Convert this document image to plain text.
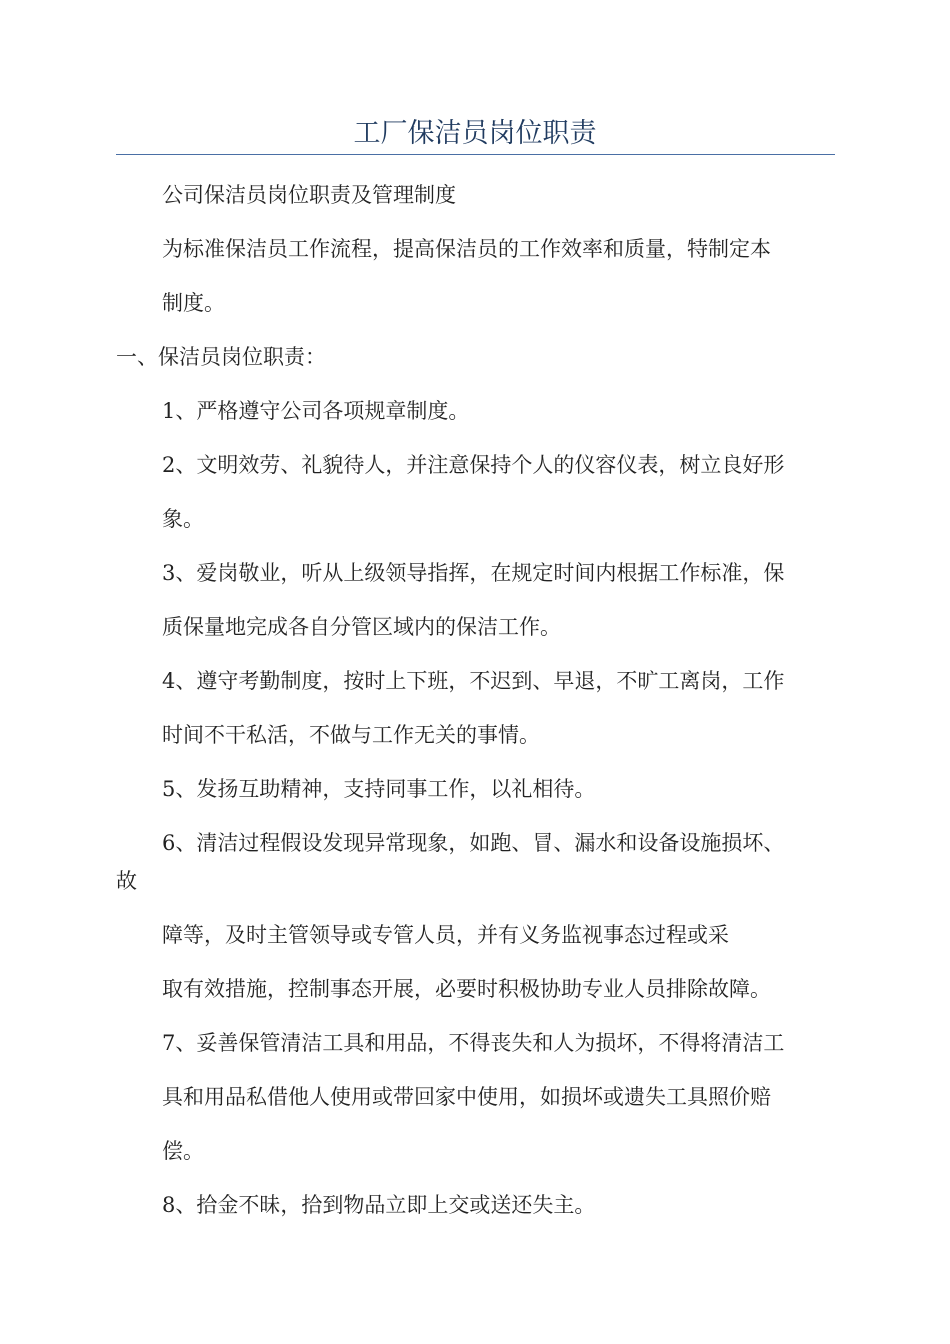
工厂保洁员岗位职责

公司保洁员岗位职责及管理制度

为标准保洁员工作流程，提高保洁员的工作效率和质量，特制定本

制度。

一、保洁员岗位职责：

1、严格遵守公司各项规章制度。

2、文明效劳、礼貌待人，并注意保持个人的仪容仪表，树立良好形

象。

3、爱岗敬业，听从上级领导指挥，在规定时间内根据工作标准，保

质保量地完成各自分管区域内的保洁工作。

4、遵守考勤制度，按时上下班，不迟到、早退，不旷工离岗，工作

时间不干私活，不做与工作无关的事情。

5、发扬互助精神，支持同事工作，以礼相待。

6、清洁过程假设发现异常现象，如跑、冒、漏水和设备设施损坏、

故

障等，及时主管领导或专管人员，并有义务监视事态过程或采

取有效措施，控制事态开展，必要时积极协助专业人员排除故障。

7、妥善保管清洁工具和用品，不得丧失和人为损坏，不得将清洁工

具和用品私借他人使用或带回家中使用，如损坏或遗失工具照价赔

偿。

8、拾金不昧，拾到物品立即上交或送还失主。
